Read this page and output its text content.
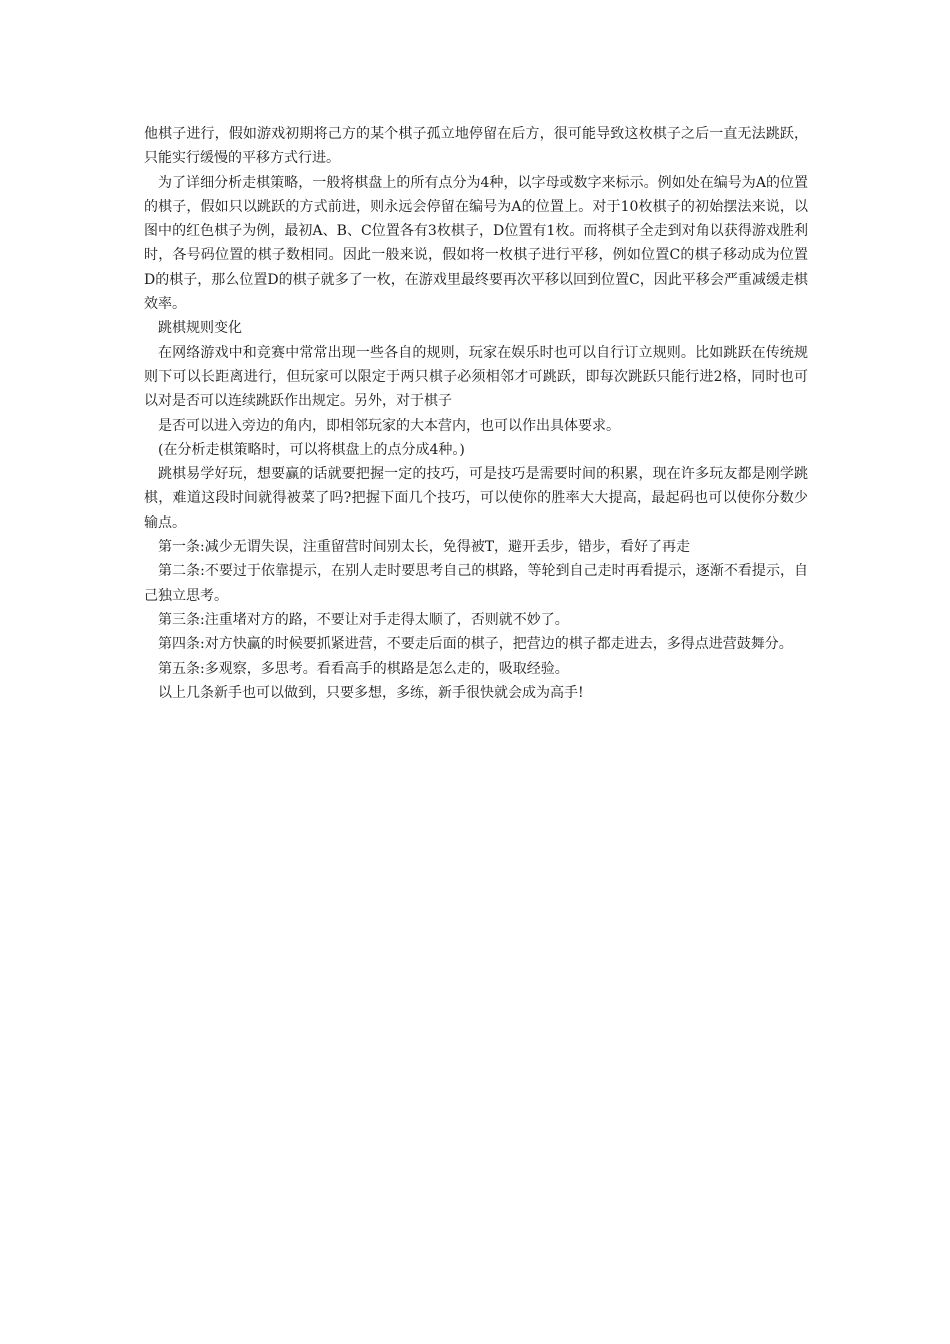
他棋子进行，假如游戏初期将己方的某个棋子孤立地停留在后方，很可能导致这枚棋子之后一直无法跳跃，只能实行缓慢的平移方式行进。

为了详细分析走棋策略，一般将棋盘上的所有点分为4种，以字母或数字来标示。例如处在编号为A的位置的棋子，假如只以跳跃的方式前进，则永远会停留在编号为A的位置上。对于10枚棋子的初始摆法来说，以图中的红色棋子为例，最初A、B、C位置各有3枚棋子，D位置有1枚。而将棋子全走到对角以获得游戏胜利时，各号码位置的棋子数相同。因此一般来说，假如将一枚棋子进行平移，例如位置C的棋子移动成为位置D的棋子，那么位置D的棋子就多了一枚，在游戏里最终要再次平移以回到位置C，因此平移会严重减缓走棋效率。

跳棋规则变化

在网络游戏中和竞赛中常常出现一些各自的规则，玩家在娱乐时也可以自行订立规则。比如跳跃在传统规则下可以长距离进行，但玩家可以限定于两只棋子必须相邻才可跳跃，即每次跳跃只能行进2格，同时也可以对是否可以连续跳跃作出规定。另外，对于棋子

是否可以进入旁边的角内，即相邻玩家的大本营内，也可以作出具体要求。

(在分析走棋策略时，可以将棋盘上的点分成4种。)

跳棋易学好玩，想要赢的话就要把握一定的技巧，可是技巧是需要时间的积累，现在许多玩友都是刚学跳棋，难道这段时间就得被菜了吗?把握下面几个技巧，可以使你的胜率大大提高，最起码也可以使你分数少输点。

第一条:减少无谓失误，注重留营时间别太长，免得被T，避开丢步，错步，看好了再走

第二条:不要过于依靠提示，在别人走时要思考自己的棋路，等轮到自己走时再看提示，逐渐不看提示，自己独立思考。

第三条:注重堵对方的路，不要让对手走得太顺了，否则就不妙了。

第四条:对方快赢的时候要抓紧进营，不要走后面的棋子，把营边的棋子都走进去，多得点进营鼓舞分。

第五条:多观察，多思考。看看高手的棋路是怎么走的，吸取经验。

以上几条新手也可以做到，只要多想，多练，新手很快就会成为高手!
